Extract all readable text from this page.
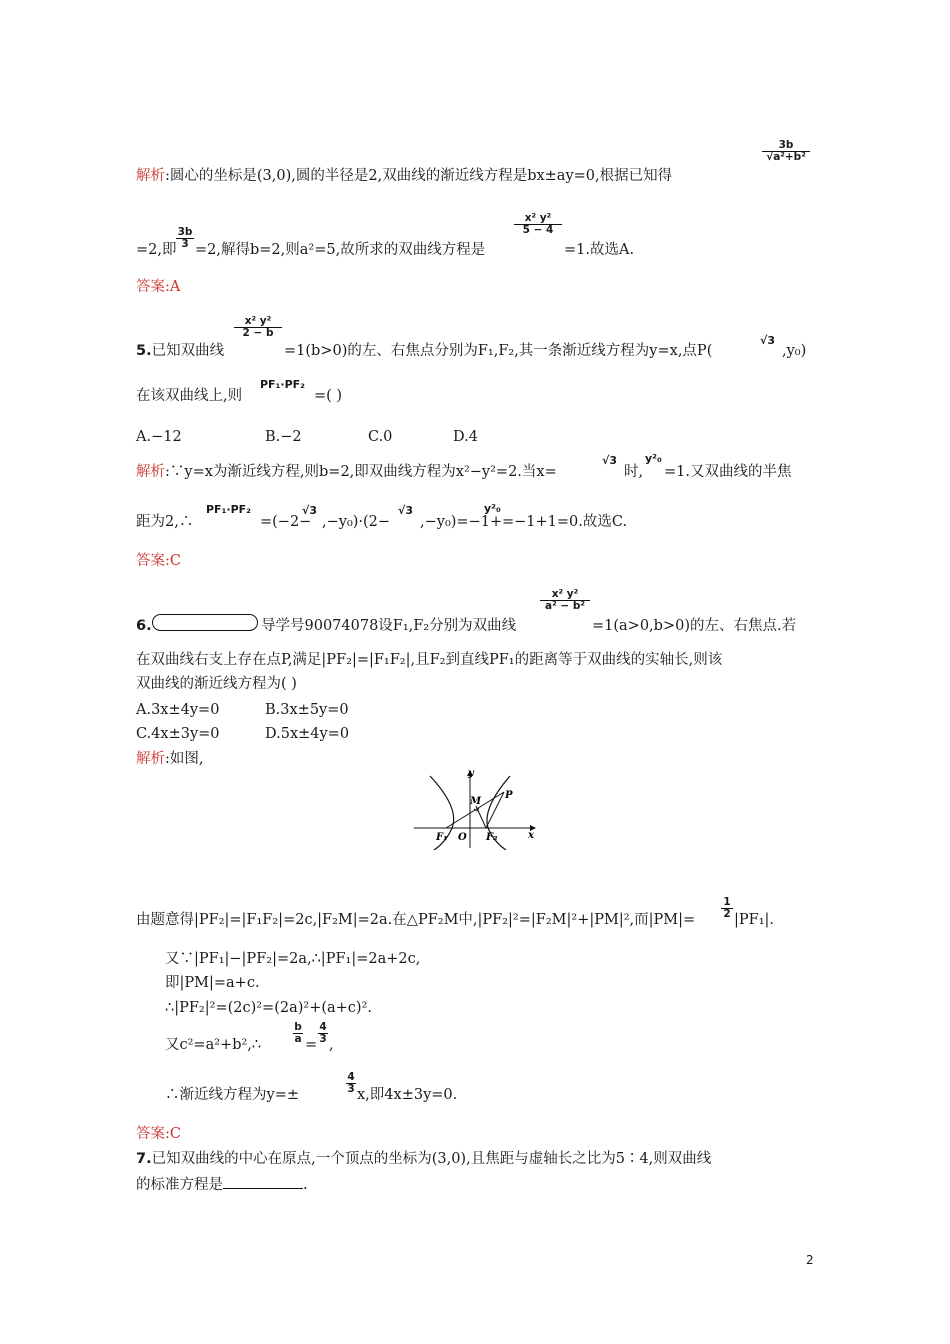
解析:圆心的坐标是(3,0),圆的半径是2,双曲线的渐近线方程是bx±ay=0,根据已知得
3b
√a²+b²
=2,即
3b
3 =2,解得b=2,则a²=5,故所求的双曲线方程是
x² y²
5 − 4
=1.故选A.
答案:A
5.已知双曲线
x² y²
2 − b
=1(b>0)的左、右焦点分别为F₁,F₂,其一条渐近线方程为y=x,点P(
√3
,y₀)
在该双曲线上,则
PF₁·PF₂
=( )
A.−12	B.−2	C.0	D.4
解析:∵y=x为渐近线方程,则b=2,即双曲线方程为x²−y²=2.当x=
√3
时,
y²₀
=1.又双曲线的半焦
距为2,∴
PF₁·PF₂
=(−2−
√3
,−y₀)·(2−
√3
,−y₀)=−1+
y²₀
=−1+1=0.故选C.
答案:C
6.	导学号90074078设F₁,F₂分别为双曲线
x² y²
a² − b²
=1(a>0,b>0)的左、右焦点.若
在双曲线右支上存在点P,满足|PF₂|=|F₁F₂|,且F₂到直线PF₁的距离等于双曲线的实轴长,则该
双曲线的渐近线方程为( )
A.3x±4y=0	B.3x±5y=0
C.4x±3y=0	D.5x±4y=0
解析:如图,
y
x
M
P
F₁ O F₂
由题意得|PF₂|=|F₁F₂|=2c,|F₂M|=2a.在△PF₂M中,|PF₂|²=|F₂M|²+|PM|²,而|PM|=
1
2 |PF₁|.
又∵|PF₁|−|PF₂|=2a,∴|PF₁|=2a+2c,
即|PM|=a+c.
∴|PF₂|²=(2c)²=(2a)²+(a+c)².
又c²=a²+b²,∴
b
a =
4
3 ,
∴渐近线方程为y=±
4
3 x,即4x±3y=0.
答案:C
7.已知双曲线的中心在原点,一个顶点的坐标为(3,0),且焦距与虚轴长之比为5∶4,则双曲线
的标准方程是	.
2
